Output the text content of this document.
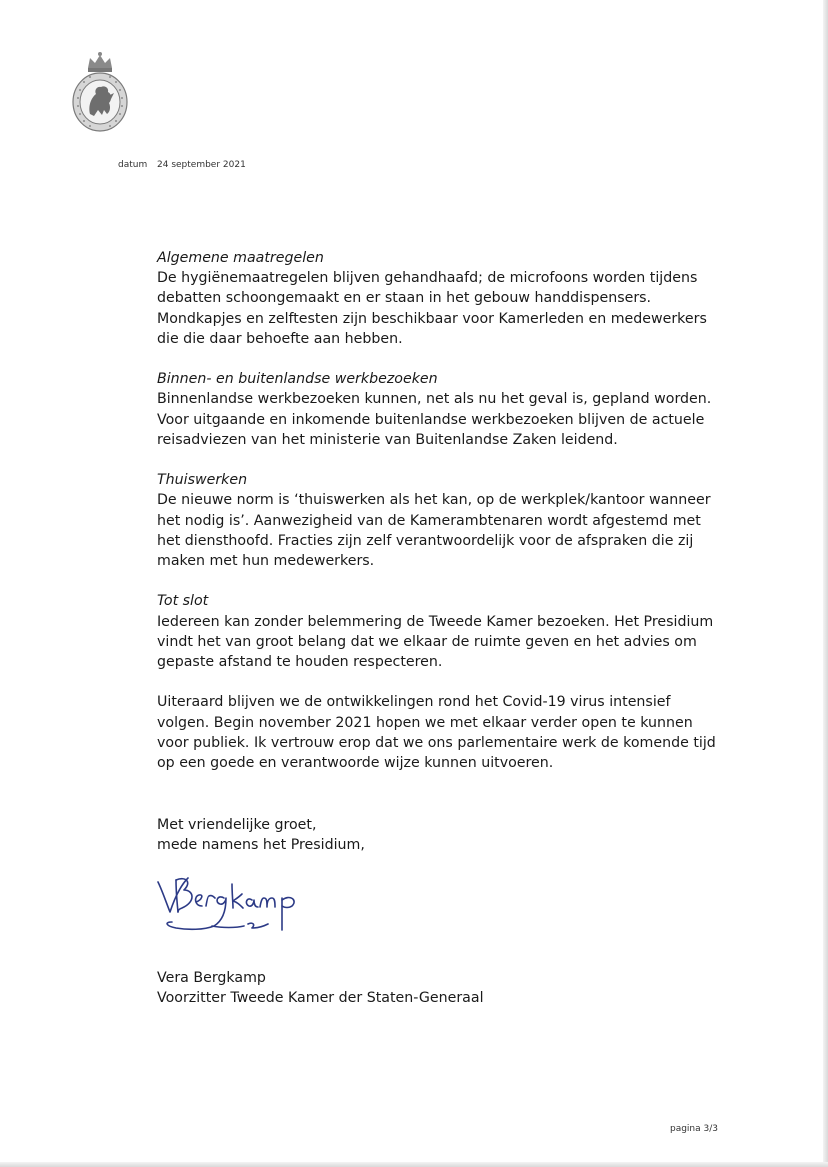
datum 24 september 2021
Algemene maatregelen
De hygiënemaatregelen blijven gehandhaafd; de microfoons worden tijdens
debatten schoongemaakt en er staan in het gebouw handdispensers.
Mondkapjes en zelftesten zijn beschikbaar voor Kamerleden en medewerkers
die die daar behoefte aan hebben.
Binnen- en buitenlandse werkbezoeken
Binnenlandse werkbezoeken kunnen, net als nu het geval is, gepland worden.
Voor uitgaande en inkomende buitenlandse werkbezoeken blijven de actuele
reisadviezen van het ministerie van Buitenlandse Zaken leidend.
Thuiswerken
De nieuwe norm is ‘thuiswerken als het kan, op de werkplek/kantoor wanneer
het nodig is’. Aanwezigheid van de Kamerambtenaren wordt afgestemd met
het diensthoofd. Fracties zijn zelf verantwoordelijk voor de afspraken die zij
maken met hun medewerkers.
Tot slot
Iedereen kan zonder belemmering de Tweede Kamer bezoeken. Het Presidium
vindt het van groot belang dat we elkaar de ruimte geven en het advies om
gepaste afstand te houden respecteren.
Uiteraard blijven we de ontwikkelingen rond het Covid-19 virus intensief
volgen. Begin november 2021 hopen we met elkaar verder open te kunnen
voor publiek. Ik vertrouw erop dat we ons parlementaire werk de komende tijd
op een goede en verantwoorde wijze kunnen uitvoeren.
Met vriendelijke groet,
mede namens het Presidium,
Vera Bergkamp
Voorzitter Tweede Kamer der Staten-Generaal
pagina 3/3
